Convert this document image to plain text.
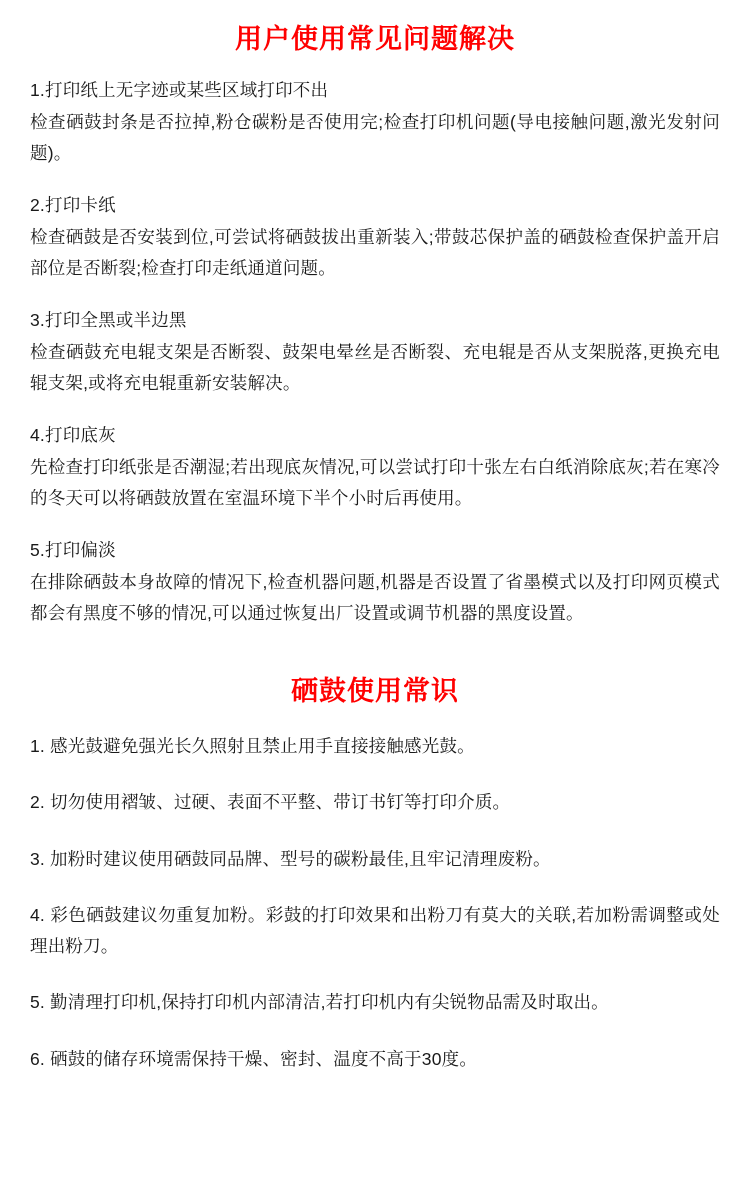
用户使用常见问题解决

1.打印纸上无字迹或某些区域打印不出

检查硒鼓封条是否拉掉,粉仓碳粉是否使用完;检查打印机问题(导电接触问题,激光发射问题)。

2.打印卡纸

检查硒鼓是否安装到位,可尝试将硒鼓拔出重新装入;带鼓芯保护盖的硒鼓检查保护盖开启部位是否断裂;检查打印走纸通道问题。

3.打印全黑或半边黑

检查硒鼓充电辊支架是否断裂、鼓架电晕丝是否断裂、充电辊是否从支架脱落,更换充电辊支架,或将充电辊重新安装解决。

4.打印底灰

先检查打印纸张是否潮湿;若出现底灰情况,可以尝试打印十张左右白纸消除底灰;若在寒冷的冬天可以将硒鼓放置在室温环境下半个小时后再使用。

5.打印偏淡

在排除硒鼓本身故障的情况下,检查机器问题,机器是否设置了省墨模式以及打印网页模式都会有黑度不够的情况,可以通过恢复出厂设置或调节机器的黑度设置。

硒鼓使用常识
1. 感光鼓避免强光长久照射且禁止用手直接接触感光鼓。
2. 切勿使用褶皱、过硬、表面不平整、带订书钉等打印介质。
3. 加粉时建议使用硒鼓同品牌、型号的碳粉最佳,且牢记清理废粉。
4. 彩色硒鼓建议勿重复加粉。彩鼓的打印效果和出粉刀有莫大的关联,若加粉需调整或处理出粉刀。
5. 勤清理打印机,保持打印机内部清洁,若打印机内有尖锐物品需及时取出。
6. 硒鼓的储存环境需保持干燥、密封、温度不高于30度。
